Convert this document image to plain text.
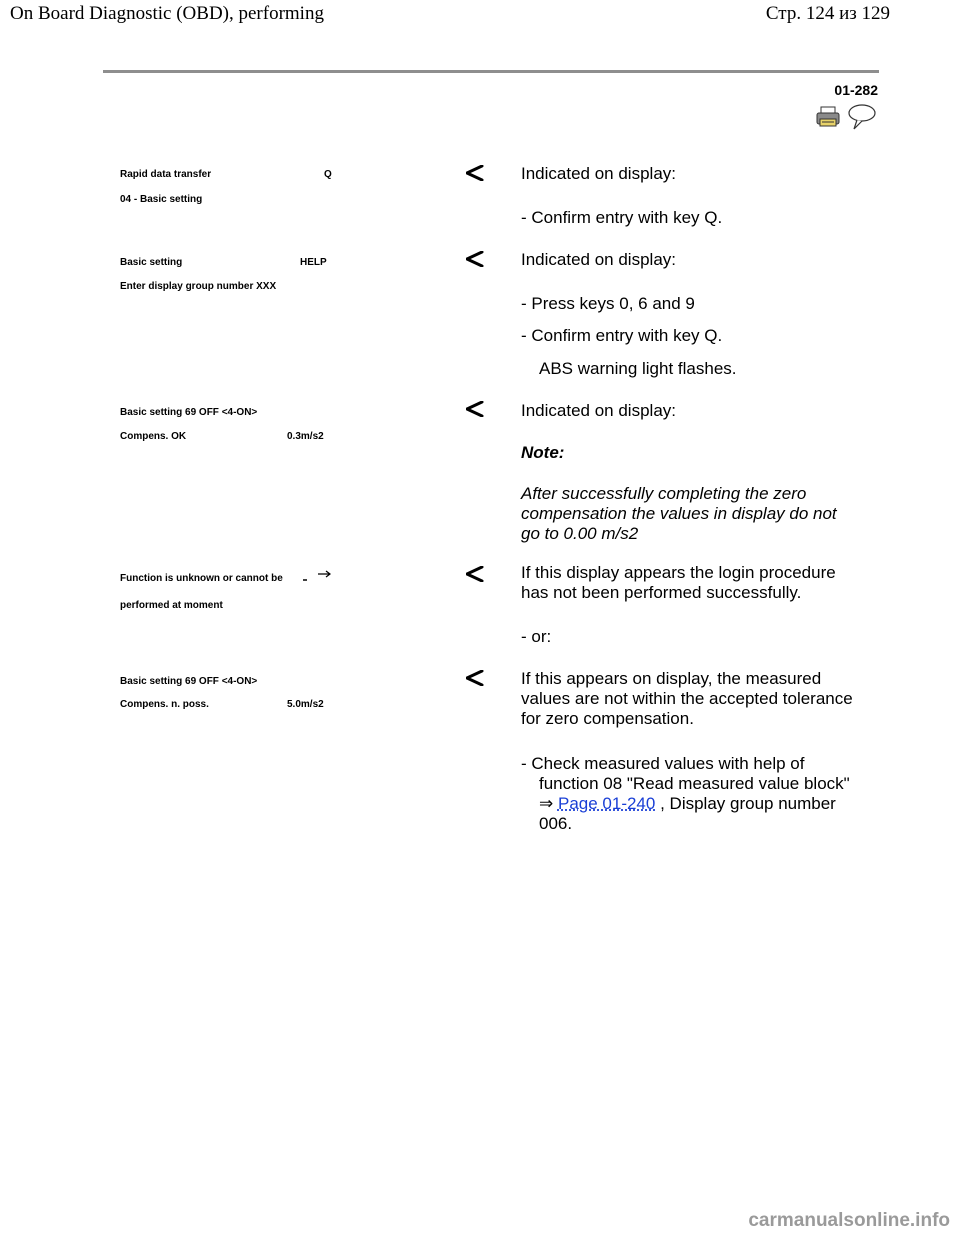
On Board Diagnostic (OBD), performing	Стр. 124 из 129
01-282
Rapid data transfer	Q
04 - Basic setting
Indicated on display:
- Confirm entry with key Q.
Basic setting	HELP
Enter display group number XXX
Indicated on display:
- Press keys 0, 6 and 9
- Confirm entry with key Q.
ABS warning light flashes.
Basic setting 69 OFF <4-ON>
Compens. OK	0.3m/s2
Indicated on display:
Note:
After successfully completing the zero
compensation the values in display do not
go to 0.00 m/s2
Function is unknown or cannot be
performed at moment
If this display appears the login procedure
has not been performed successfully.
- or:
Basic setting 69 OFF <4-ON>
Compens. n. poss.	5.0m/s2
If this appears on display, the measured
values are not within the accepted tolerance
for zero compensation.
- Check measured values with help of
function 08 "Read measured value block"
⇒ Page 01-240 , Display group number
006.
carmanualsonline.info
